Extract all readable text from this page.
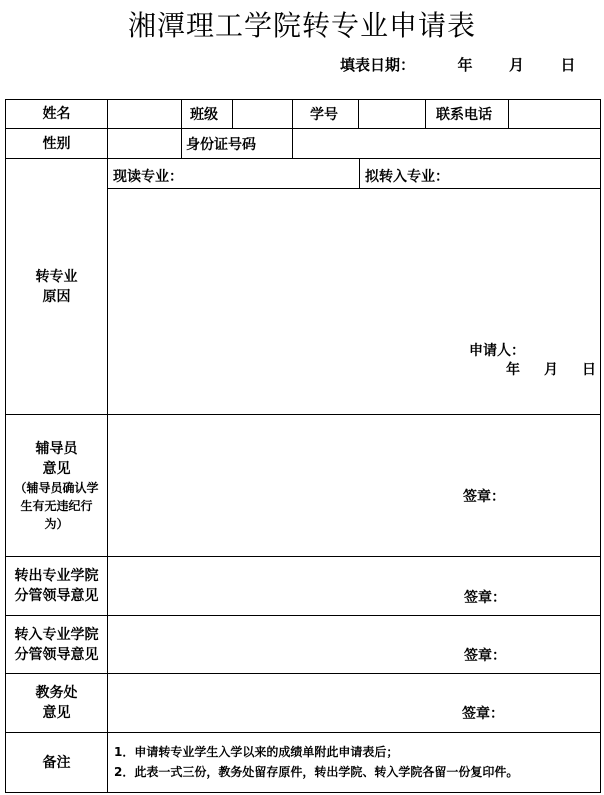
湘潭理工学院转专业申请表
填表日期：	年 月 日
姓名	班级	学号	联系电话
性别	身份证号码
转专业
原因
现读专业：	拟转入专业：
申请人：
年 月 日
辅导员
意见
（辅导员确认学
生有无违纪行
为）
签章：
转出专业学院
分管领导意见	签章：
转入专业学院
分管领导意见	签章：
教务处
意见	签章：
备注
1．申请转专业学生入学以来的成绩单附此申请表后；
2．此表一式三份，教务处留存原件，转出学院、转入学院各留一份复印件。
